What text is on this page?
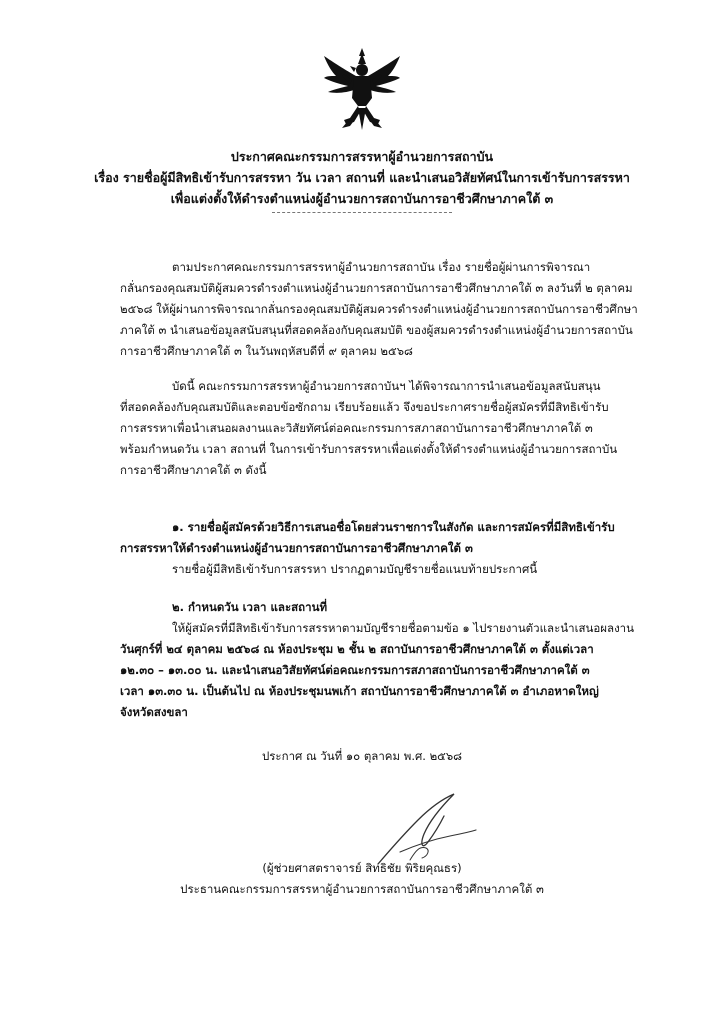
ประกาศคณะกรรมการสรรหาผู้อำนวยการสถาบัน
เรื่อง รายชื่อผู้มีสิทธิเข้ารับการสรรหา วัน เวลา สถานที่ และนำเสนอวิสัยทัศน์ในการเข้ารับการสรรหา
เพื่อแต่งตั้งให้ดำรงตำแหน่งผู้อำนวยการสถาบันการอาชีวศึกษาภาคใต้ ๓

ตามประกาศคณะกรรมการสรรหาผู้อำนวยการสถาบัน เรื่อง รายชื่อผู้ผ่านการพิจารณา

กลั่นกรองคุณสมบัติผู้สมควรดำรงตำแหน่งผู้อำนวยการสถาบันการอาชีวศึกษาภาคใต้ ๓ ลงวันที่ ๒ ตุลาคม

๒๕๖๘ ให้ผู้ผ่านการพิจารณากลั่นกรองคุณสมบัติผู้สมควรดำรงตำแหน่งผู้อำนวยการสถาบันการอาชีวศึกษา

ภาคใต้ ๓ นำเสนอข้อมูลสนับสนุนที่สอดคล้องกับคุณสมบัติ ของผู้สมควรดำรงตำแหน่งผู้อำนวยการสถาบัน

การอาชีวศึกษาภาคใต้ ๓ ในวันพฤหัสบดีที่ ๙ ตุลาคม ๒๕๖๘

บัดนี้ คณะกรรมการสรรหาผู้อำนวยการสถาบันฯ ได้พิจารณาการนำเสนอข้อมูลสนับสนุน

ที่สอดคล้องกับคุณสมบัติและตอบข้อซักถาม เรียบร้อยแล้ว จึงขอประกาศรายชื่อผู้สมัครที่มีสิทธิเข้ารับ

การสรรหาเพื่อนำเสนอผลงานและวิสัยทัศน์ต่อคณะกรรมการสภาสถาบันการอาชีวศึกษาภาคใต้ ๓

พร้อมกำหนดวัน เวลา สถานที่ ในการเข้ารับการสรรหาเพื่อแต่งตั้งให้ดำรงตำแหน่งผู้อำนวยการสถาบัน

การอาชีวศึกษาภาคใต้ ๓ ดังนี้

๑. รายชื่อผู้สมัครด้วยวิธีการเสนอชื่อโดยส่วนราชการในสังกัด และการสมัครที่มีสิทธิเข้ารับ

การสรรหาให้ดำรงตำแหน่งผู้อำนวยการสถาบันการอาชีวศึกษาภาคใต้ ๓

รายชื่อผู้มีสิทธิเข้ารับการสรรหา ปรากฏตามบัญชีรายชื่อแนบท้ายประกาศนี้

๒. กำหนดวัน เวลา และสถานที่

ให้ผู้สมัครที่มีสิทธิเข้ารับการสรรหาตามบัญชีรายชื่อตามข้อ ๑ ไปรายงานตัวและนำเสนอผลงาน

วันศุกร์ที่ ๒๔ ตุลาคม ๒๕๖๘ ณ ห้องประชุม ๒ ชั้น ๒ สถาบันการอาชีวศึกษาภาคใต้ ๓ ตั้งแต่เวลา

๑๒.๓๐ – ๑๓.๐๐ น. และนำเสนอวิสัยทัศน์ต่อคณะกรรมการสภาสถาบันการอาชีวศึกษาภาคใต้ ๓

เวลา ๑๓.๓๐ น. เป็นต้นไป ณ ห้องประชุมนพเก้า สถาบันการอาชีวศึกษาภาคใต้ ๓ อำเภอหาดใหญ่

จังหวัดสงขลา

ประกาศ ณ วันที่ ๑๐ ตุลาคม พ.ศ. ๒๕๖๘
(ผู้ช่วยศาสตราจารย์ สิทธิชัย พิริยคุณธร)
ประธานคณะกรรมการสรรหาผู้อำนวยการสถาบันการอาชีวศึกษาภาคใต้ ๓
